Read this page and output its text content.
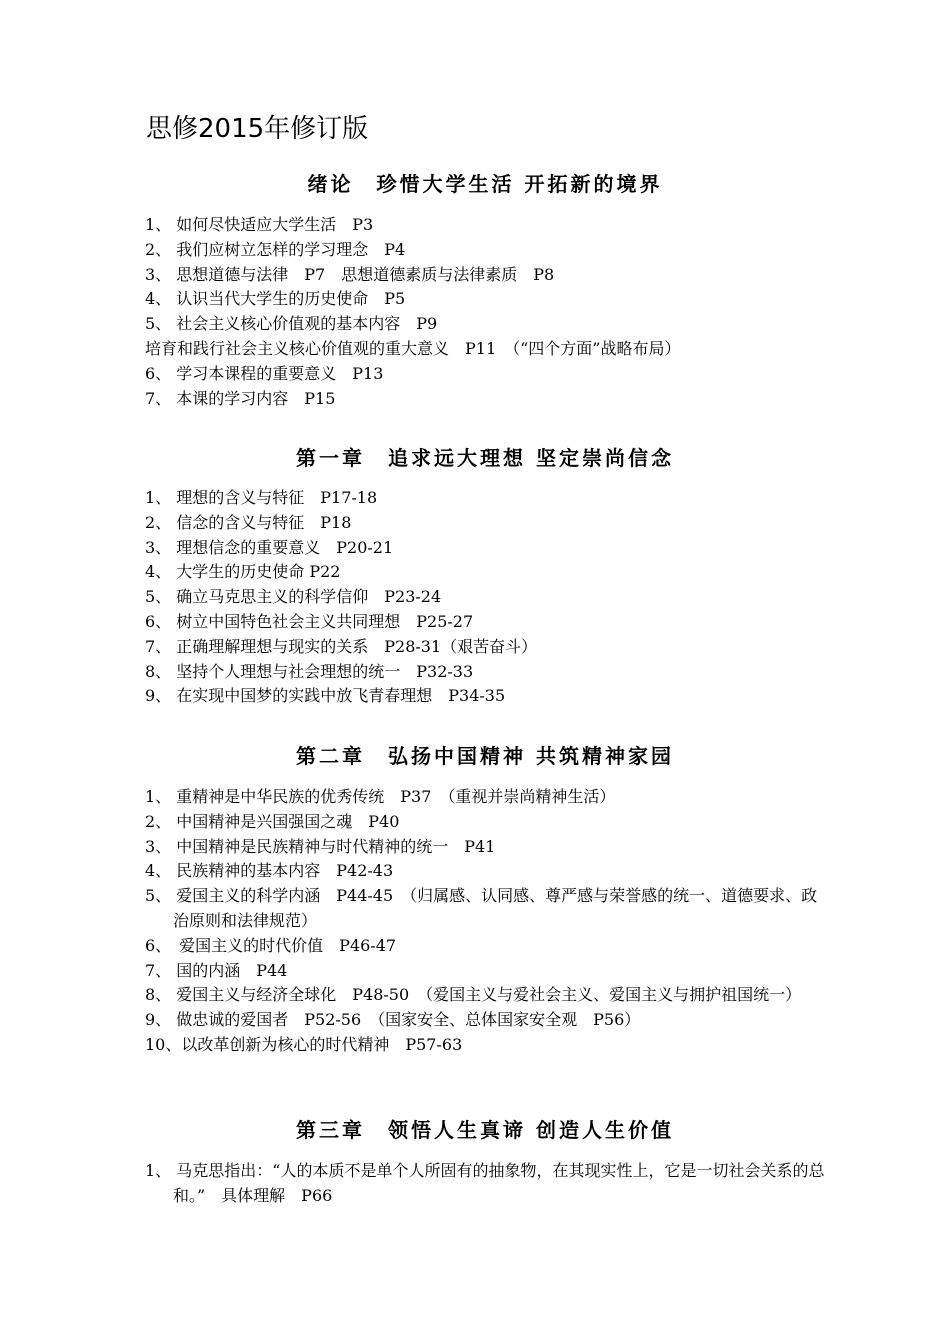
思修2015年修订版
绪论　珍惜大学生活 开拓新的境界
1、 如何尽快适应大学生活　P3
2、 我们应树立怎样的学习理念　P4
3、 思想道德与法律　P7　思想道德素质与法律素质　P8
4、 认识当代大学生的历史使命　P5
5、 社会主义核心价值观的基本内容　P9
培育和践行社会主义核心价值观的重大意义　P11　（“四个方面”战略布局）
6、 学习本课程的重要意义　P13
7、 本课的学习内容　P15
第一章　追求远大理想 坚定崇尚信念
1、 理想的含义与特征　P17-18
2、 信念的含义与特征　P18
3、 理想信念的重要意义　P20-21
4、 大学生的历史使命 P22
5、 确立马克思主义的科学信仰　P23-24
6、 树立中国特色社会主义共同理想　P25-27
7、 正确理解理想与现实的关系　P28-31（艰苦奋斗）
8、 坚持个人理想与社会理想的统一　P32-33
9、 在实现中国梦的实践中放飞青春理想　P34-35
第二章　弘扬中国精神 共筑精神家园
1、 重精神是中华民族的优秀传统　P37　（重视并崇尚精神生活）
2、 中国精神是兴国强国之魂　P40
3、 中国精神是民族精神与时代精神的统一　P41
4、 民族精神的基本内容　P42-43
5、 爱国主义的科学内涵　P44-45　（归属感、认同感、尊严感与荣誉感的统一、道德要求、政治原则和法律规范）
6、　爱国主义的时代价值　P46-47
7、 国的内涵　P44
8、 爱国主义与经济全球化　P48-50　（爱国主义与爱社会主义、爱国主义与拥护祖国统一）
9、 做忠诚的爱国者　P52-56　（国家安全、总体国家安全观　P56）
10、以改革创新为核心的时代精神　P57-63
第三章　领悟人生真谛 创造人生价值
1、 马克思指出：“人的本质不是单个人所固有的抽象物，在其现实性上，它是一切社会关系的总和。”　具体理解　P66
